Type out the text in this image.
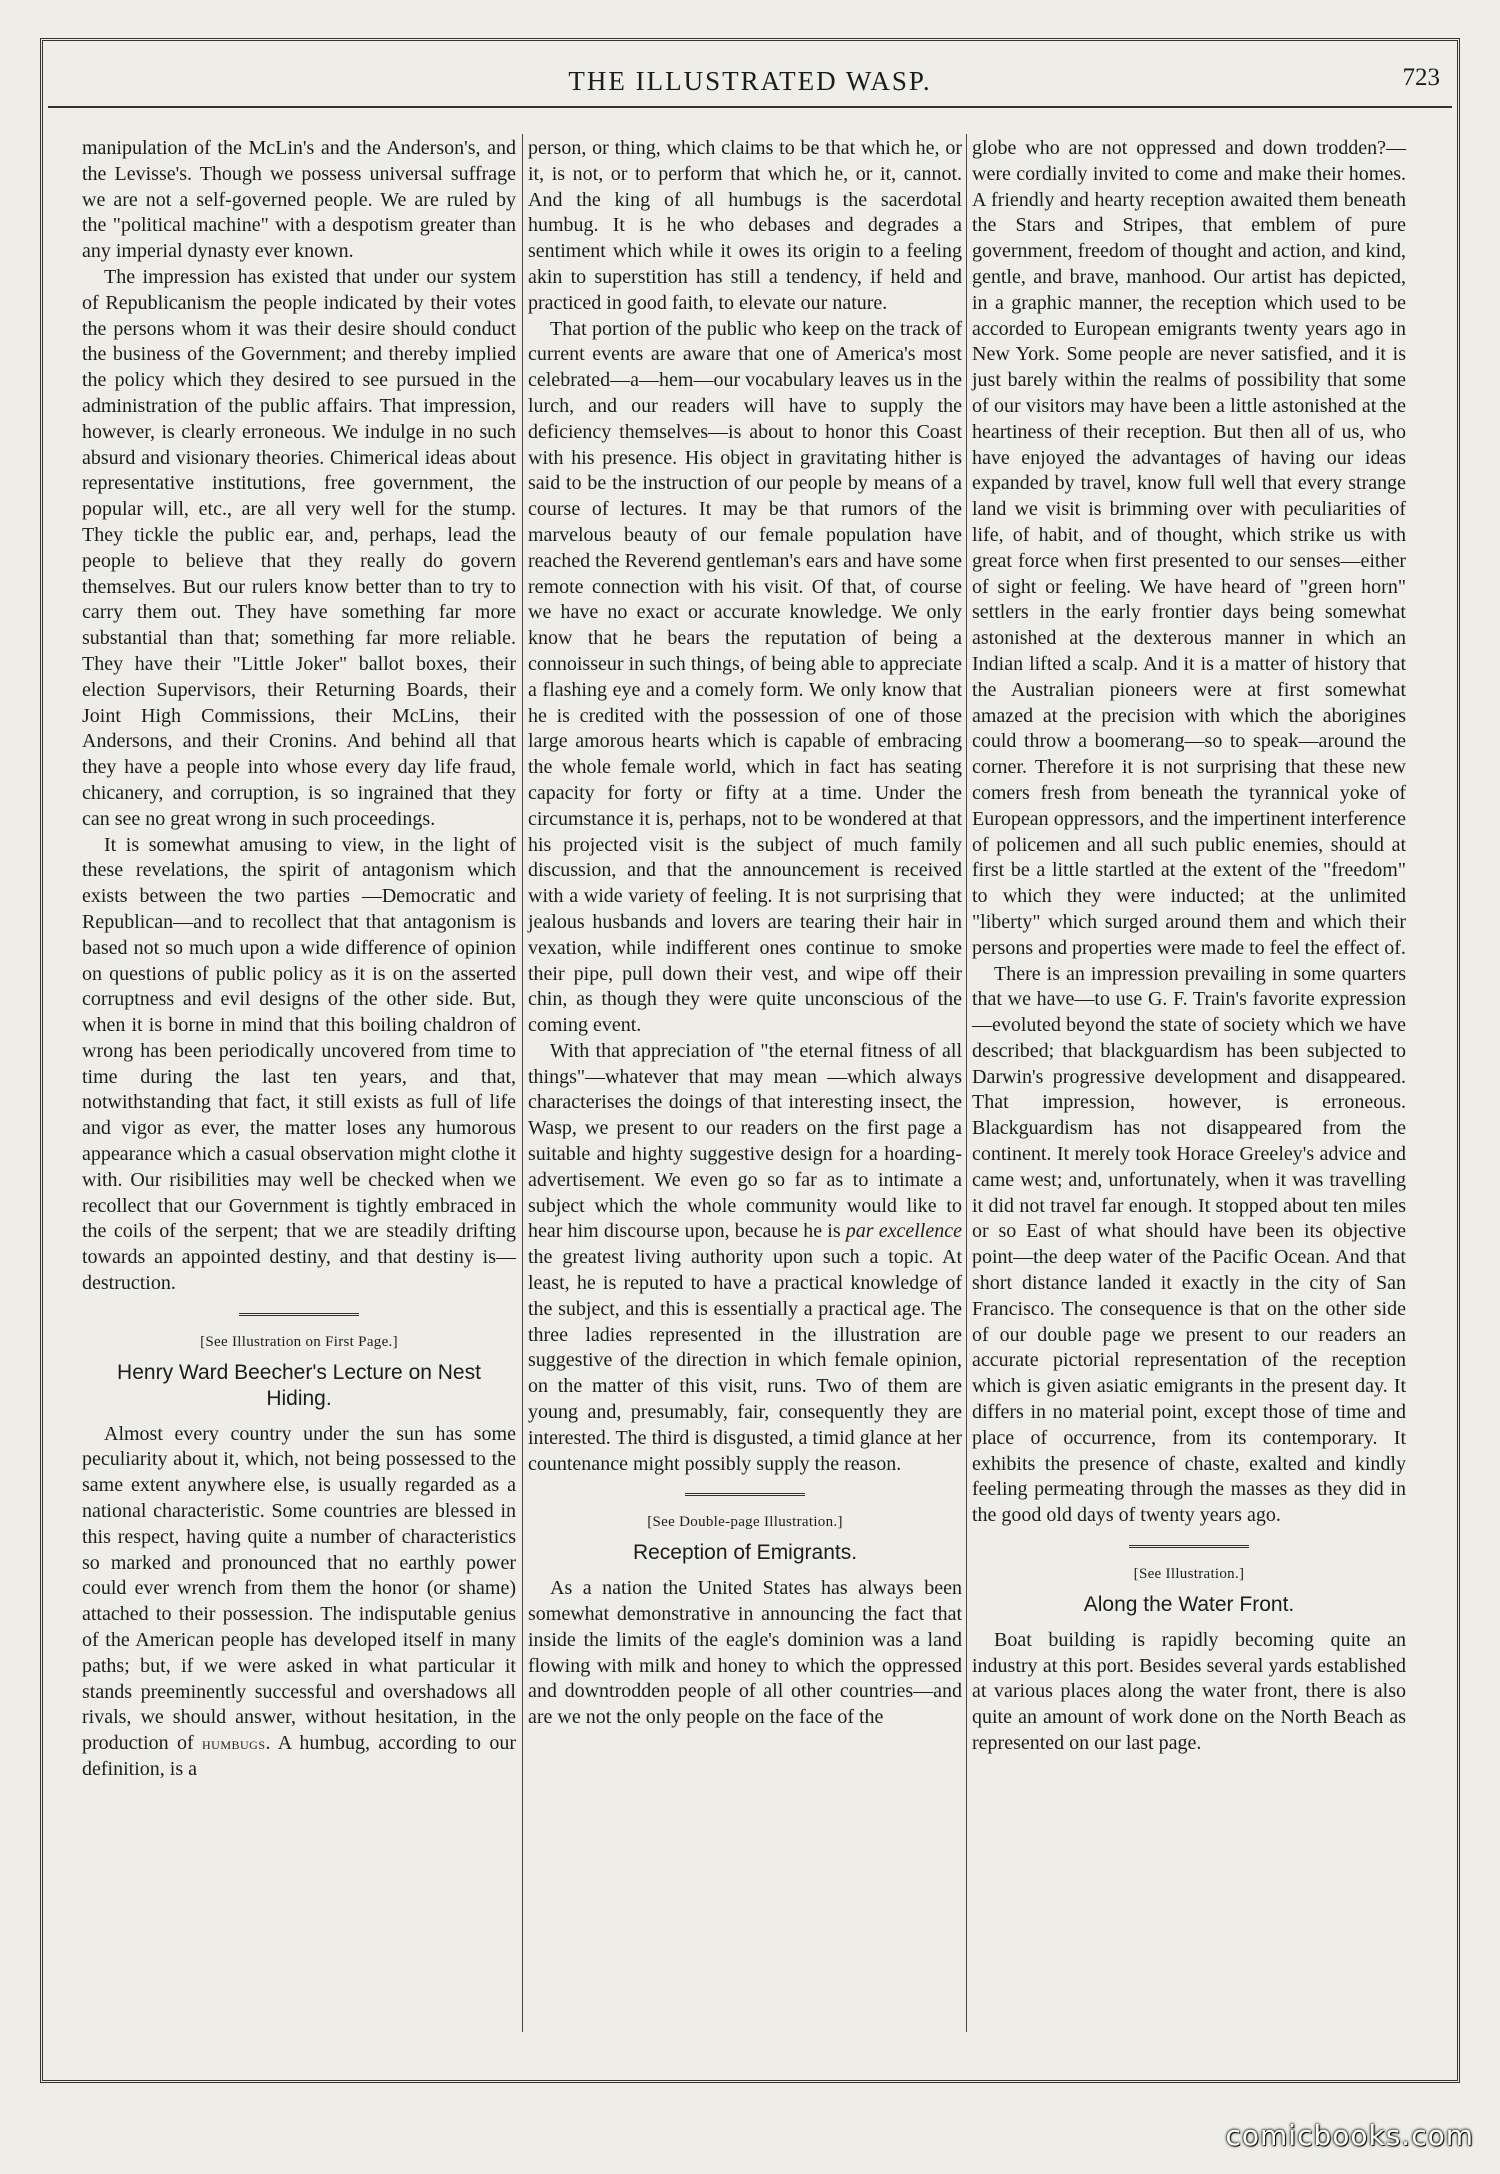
THE ILLUSTRATED WASP.	723

manipulation of the McLin's and the Anderson's, and the Levisse's. Though we possess universal suffrage we are not a self-governed people. We are ruled by the "political machine" with a despotism greater than any imperial dynasty ever known.

The impression has existed that under our system of Republicanism the people indicated by their votes the persons whom it was their desire should conduct the business of the Government; and thereby implied the policy which they desired to see pursued in the administration of the public affairs. That impression, however, is clearly erroneous. We indulge in no such absurd and visionary theories. Chimerical ideas about representative institutions, free government, the popular will, etc., are all very well for the stump. They tickle the public ear, and, perhaps, lead the people to believe that they really do govern themselves. But our rulers know better than to try to carry them out. They have something far more substantial than that; something far more reliable. They have their "Little Joker" ballot boxes, their election Supervisors, their Returning Boards, their Joint High Commissions, their McLins, their Andersons, and their Cronins. And behind all that they have a people into whose every day life fraud, chicanery, and corruption, is so ingrained that they can see no great wrong in such proceedings.

It is somewhat amusing to view, in the light of these revelations, the spirit of antagonism which exists between the two parties —Democratic and Republican—and to recollect that that antagonism is based not so much upon a wide difference of opinion on questions of public policy as it is on the asserted corruptness and evil designs of the other side. But, when it is borne in mind that this boiling chaldron of wrong has been periodically uncovered from time to time during the last ten years, and that, notwithstanding that fact, it still exists as full of life and vigor as ever, the matter loses any humorous appearance which a casual observation might clothe it with. Our risibilities may well be checked when we recollect that our Government is tightly embraced in the coils of the serpent; that we are steadily drifting towards an appointed destiny, and that destiny is—destruction.

[See Illustration on First Page.]
Henry Ward Beecher's Lecture on Nest Hiding.

Almost every country under the sun has some peculiarity about it, which, not being possessed to the same extent anywhere else, is usually regarded as a national characteristic. Some countries are blessed in this respect, having quite a number of characteristics so marked and pronounced that no earthly power could ever wrench from them the honor (or shame) attached to their possession. The indisputable genius of the American people has developed itself in many paths; but, if we were asked in what particular it stands preeminently successful and overshadows all rivals, we should answer, without hesitation, in the production of humbugs. A humbug, according to our definition, is a

person, or thing, which claims to be that which he, or it, is not, or to perform that which he, or it, cannot. And the king of all humbugs is the sacerdotal humbug. It is he who debases and degrades a sentiment which while it owes its origin to a feeling akin to superstition has still a tendency, if held and practiced in good faith, to elevate our nature.

That portion of the public who keep on the track of current events are aware that one of America's most celebrated—a—hem—our vocabulary leaves us in the lurch, and our readers will have to supply the deficiency themselves—is about to honor this Coast with his presence. His object in gravitating hither is said to be the instruction of our people by means of a course of lectures. It may be that rumors of the marvelous beauty of our female population have reached the Reverend gentleman's ears and have some remote connection with his visit. Of that, of course we have no exact or accurate knowledge. We only know that he bears the reputation of being a connoisseur in such things, of being able to appreciate a flashing eye and a comely form. We only know that he is credited with the possession of one of those large amorous hearts which is capable of embracing the whole female world, which in fact has seating capacity for forty or fifty at a time. Under the circumstance it is, perhaps, not to be wondered at that his projected visit is the subject of much family discussion, and that the announcement is received with a wide variety of feeling. It is not surprising that jealous husbands and lovers are tearing their hair in vexation, while indifferent ones continue to smoke their pipe, pull down their vest, and wipe off their chin, as though they were quite unconscious of the coming event.

With that appreciation of "the eternal fitness of all things"—whatever that may mean —which always characterises the doings of that interesting insect, the Wasp, we present to our readers on the first page a suitable and highty suggestive design for a hoarding-advertisement. We even go so far as to intimate a subject which the whole community would like to hear him discourse upon, because he is par excellence the greatest living authority upon such a topic. At least, he is reputed to have a practical knowledge of the subject, and this is essentially a practical age. The three ladies represented in the illustration are suggestive of the direction in which female opinion, on the matter of this visit, runs. Two of them are young and, presumably, fair, consequently they are interested. The third is disgusted, a timid glance at her countenance might possibly supply the reason.

[See Double-page Illustration.]
Reception of Emigrants.

As a nation the United States has always been somewhat demonstrative in announcing the fact that inside the limits of the eagle's dominion was a land flowing with milk and honey to which the oppressed and downtrodden people of all other countries—and are we not the only people on the face of the

globe who are not oppressed and down trodden?—were cordially invited to come and make their homes. A friendly and hearty reception awaited them beneath the Stars and Stripes, that emblem of pure government, freedom of thought and action, and kind, gentle, and brave, manhood. Our artist has depicted, in a graphic manner, the reception which used to be accorded to European emigrants twenty years ago in New York. Some people are never satisfied, and it is just barely within the realms of possibility that some of our visitors may have been a little astonished at the heartiness of their reception. But then all of us, who have enjoyed the advantages of having our ideas expanded by travel, know full well that every strange land we visit is brimming over with peculiarities of life, of habit, and of thought, which strike us with great force when first presented to our senses—either of sight or feeling. We have heard of "green horn" settlers in the early frontier days being somewhat astonished at the dexterous manner in which an Indian lifted a scalp. And it is a matter of history that the Australian pioneers were at first somewhat amazed at the precision with which the aborigines could throw a boomerang—so to speak—around the corner. Therefore it is not surprising that these new comers fresh from beneath the tyrannical yoke of European oppressors, and the impertinent interference of policemen and all such public enemies, should at first be a little startled at the extent of the "freedom" to which they were inducted; at the unlimited "liberty" which surged around them and which their persons and properties were made to feel the effect of.

There is an impression prevailing in some quarters that we have—to use G. F. Train's favorite expression—evoluted beyond the state of society which we have described; that blackguardism has been subjected to Darwin's progressive development and disappeared. That impression, however, is erroneous. Blackguardism has not disappeared from the continent. It merely took Horace Greeley's advice and came west; and, unfortunately, when it was travelling it did not travel far enough. It stopped about ten miles or so East of what should have been its objective point—the deep water of the Pacific Ocean. And that short distance landed it exactly in the city of San Francisco. The consequence is that on the other side of our double page we present to our readers an accurate pictorial representation of the reception which is given asiatic emigrants in the present day. It differs in no material point, except those of time and place of occurrence, from its contemporary. It exhibits the presence of chaste, exalted and kindly feeling permeating through the masses as they did in the good old days of twenty years ago.

[See Illustration.]
Along the Water Front.

Boat building is rapidly becoming quite an industry at this port. Besides several yards established at various places along the water front, there is also quite an amount of work done on the North Beach as represented on our last page.

comicbooks.com
